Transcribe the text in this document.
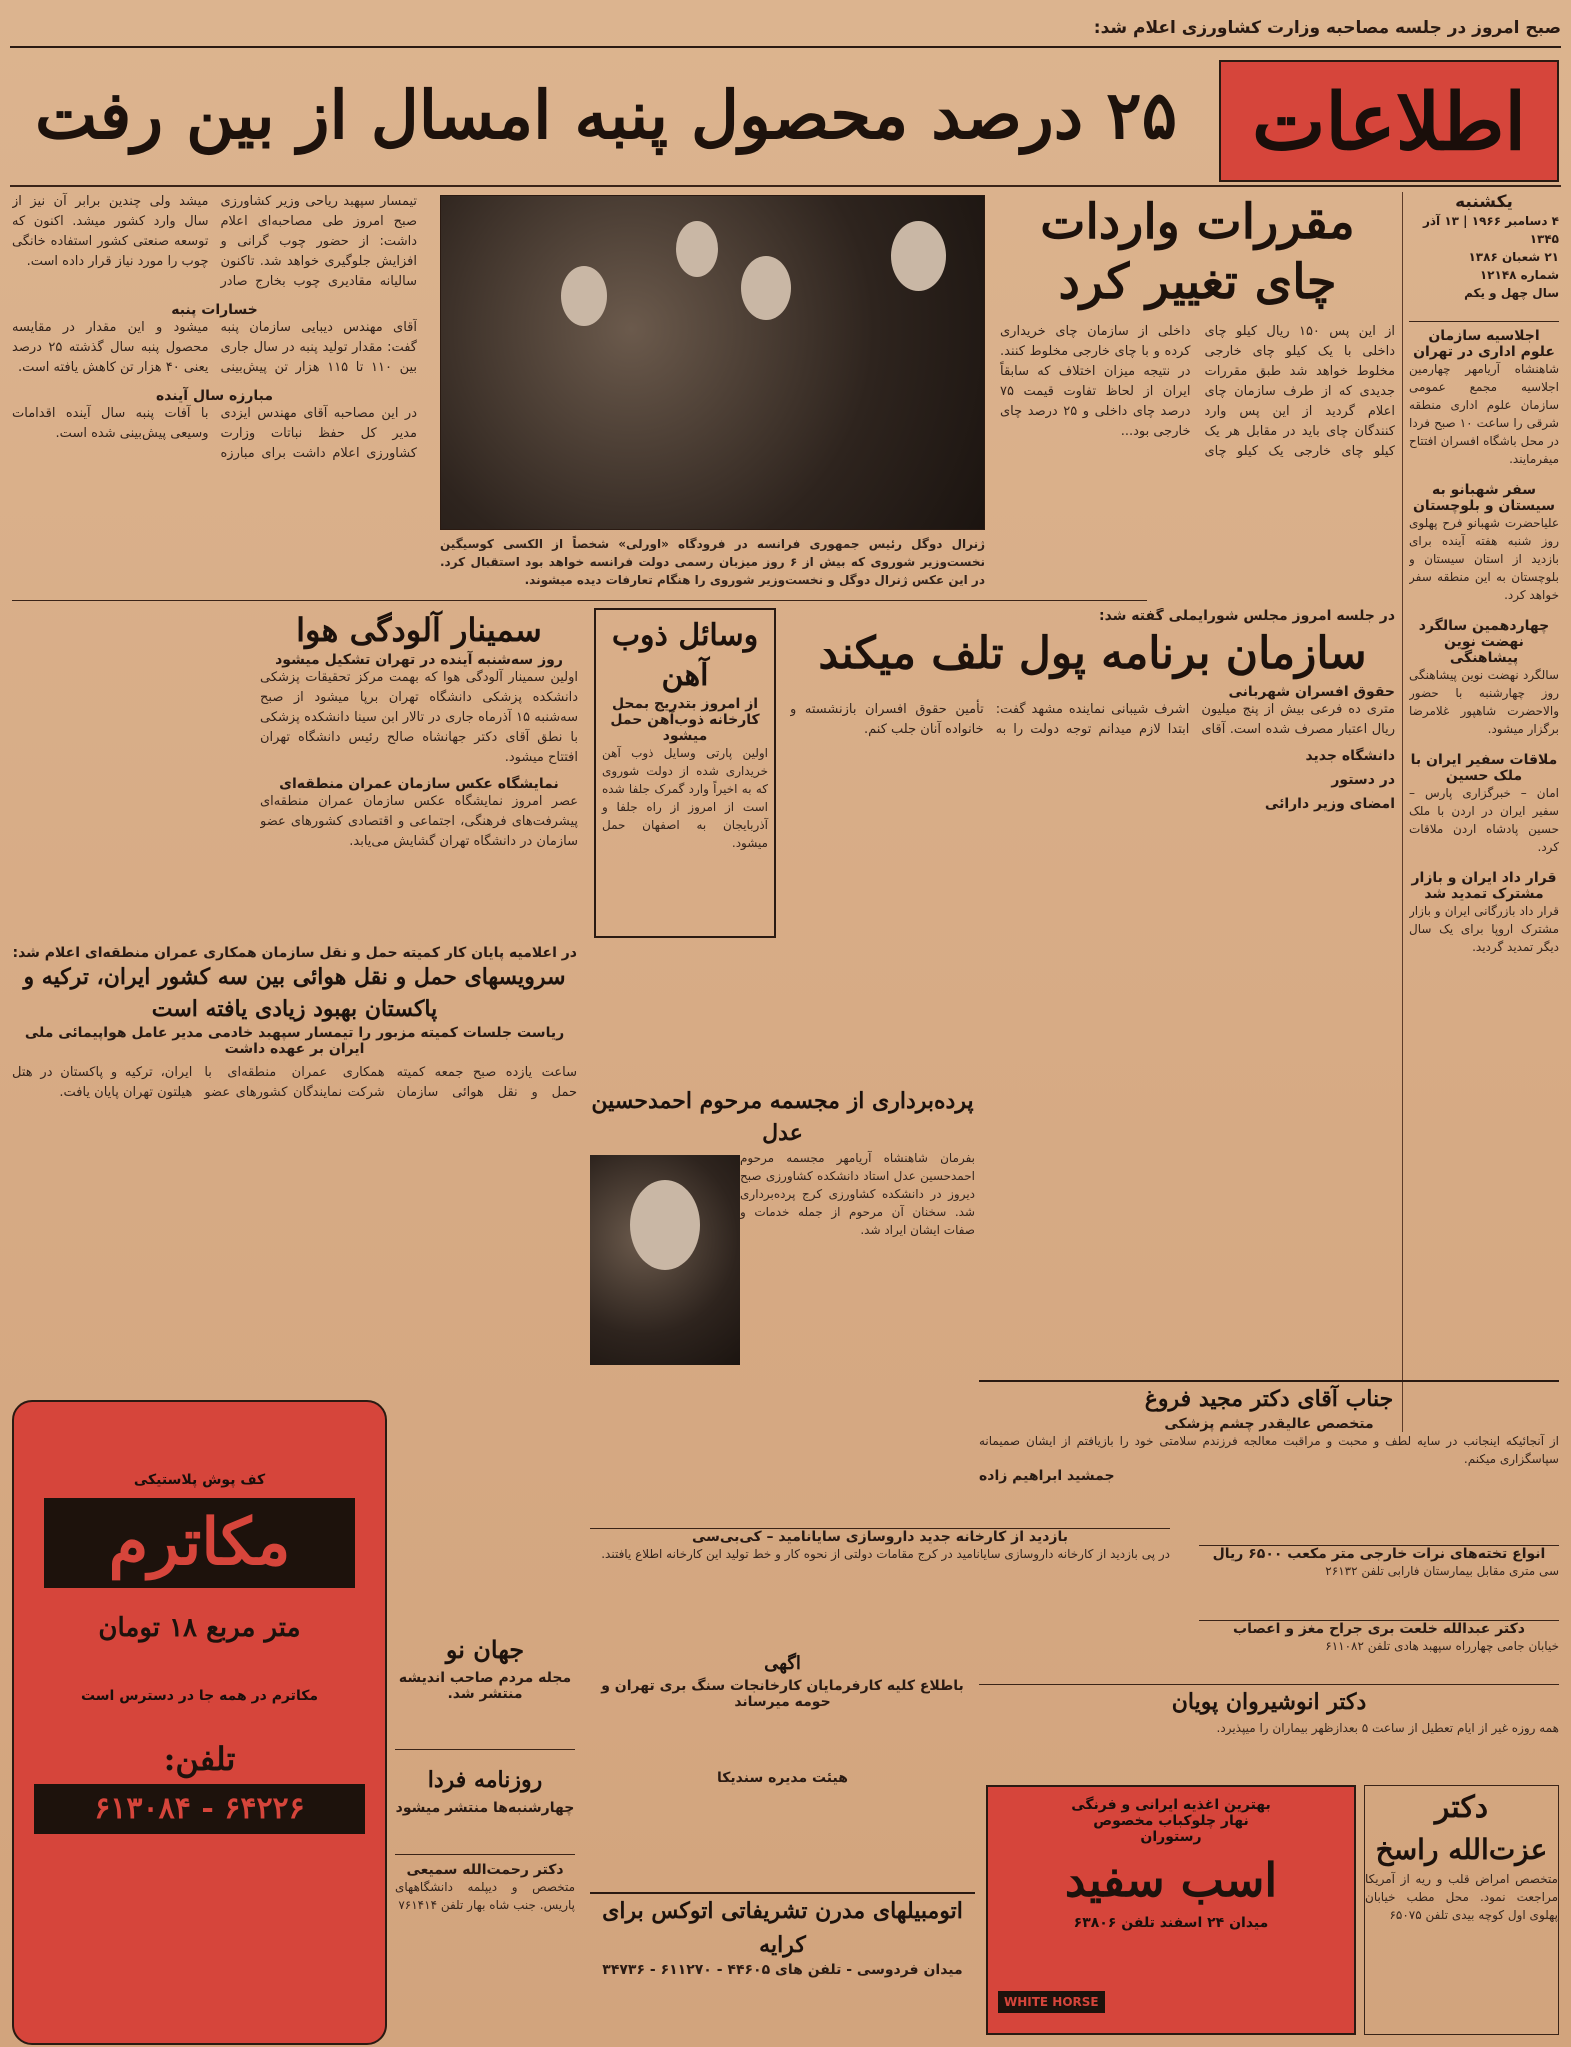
صبح امروز در جلسه مصاحبه وزارت کشاورزی اعلام شد:
اطلاعات
۲۵ درصد محصول پنبه امسال از بین رفت
یکشنبه
۴ دسامبر ۱۹۶۶ | ۱۳ آذر ۱۳۴۵
۲۱ شعبان ۱۳۸۶
شماره ۱۲۱۴۸
سال چهل و یکم
اجلاسیه سازمان علوم اداری در تهران
شاهنشاه آریامهر چهارمین اجلاسیه مجمع عمومی سازمان علوم اداری منطقه شرقی را ساعت ۱۰ صبح فردا در محل باشگاه افسران افتتاح میفرمایند.
سفر شهبانو به سیستان و بلوچستان
علیاحضرت شهبانو فرح پهلوی روز شنبه هفته آینده برای بازدید از استان سیستان و بلوچستان به این منطقه سفر خواهد کرد.
چهاردهمین سالگرد نهضت نوین پیشاهنگی
سالگرد نهضت نوین پیشاهنگی روز چهارشنبه با حضور والاحضرت شاهپور غلامرضا برگزار میشود.
ملاقات سفیر ایران با ملک حسین
امان – خبرگزاری پارس – سفیر ایران در اردن با ملک حسین پادشاه اردن ملاقات کرد.
قرار داد ایران و بازار مشترک تمدید شد
قرار داد بازرگانی ایران و بازار مشترک اروپا برای یک سال دیگر تمدید گردید.
مقررات واردات چای تغییر کرد
از این پس ۱۵۰ ریال کیلو چای داخلی با یک کیلو چای خارجی مخلوط خواهد شد طبق مقررات جدیدی که از طرف سازمان چای اعلام گردید از این پس وارد کنندگان چای باید در مقابل هر یک کیلو چای خارجی یک کیلو چای داخلی از سازمان چای خریداری کرده و با چای خارجی مخلوط کنند. در نتیجه میزان اختلاف که سابقاً ایران از لحاظ تفاوت قیمت ۷۵ درصد چای داخلی و ۲۵ درصد چای خارجی بود...
ژنرال دوگل رئیس جمهوری فرانسه در فرودگاه «اورلی» شخصاً از الکسی کوسیگین نخست‌وزیر شوروی که بیش از ۶ روز میزبان رسمی دولت فرانسه خواهد بود استقبال کرد. در این عکس ژنرال دوگل و نخست‌وزیر شوروی را هنگام تعارفات دیده میشوند.
تیمسار سپهبد ریاحی وزیر کشاورزی صبح امروز طی مصاحبه‌ای اعلام داشت: از حضور چوب گرانی و افزایش جلوگیری خواهد شد. تاکنون سالیانه مقادیری چوب بخارج صادر میشد ولی چندین برابر آن نیز از سال وارد کشور میشد. اکنون که توسعه صنعتی کشور استفاده خانگی چوب را مورد نیاز قرار داده است.
خسارات پنبه
آقای مهندس دیبایی سازمان پنبه گفت: مقدار تولید پنبه در سال جاری بین ۱۱۰ تا ۱۱۵ هزار تن پیش‌بینی میشود و این مقدار در مقایسه محصول پنبه سال گذشته ۲۵ درصد یعنی ۴۰ هزار تن کاهش یافته است.
مبارزه سال آینده
در این مصاحبه آقای مهندس ایزدی مدیر کل حفظ نباتات وزارت کشاورزی اعلام داشت برای مبارزه با آفات پنبه سال آینده اقدامات وسیعی پیش‌بینی شده است.
سمینار آلودگی هوا
روز سه‌شنبه آینده در تهران تشکیل میشود
اولین سمینار آلودگی هوا که بهمت مرکز تحقیقات پزشکی دانشکده پزشکی دانشگاه تهران برپا میشود از صبح سه‌شنبه ۱۵ آذرماه جاری در تالار ابن سینا دانشکده پزشکی با نطق آقای دکتر جهانشاه صالح رئیس دانشگاه تهران افتتاح میشود.
نمایشگاه عکس سازمان عمران منطقه‌ای
عصر امروز نمایشگاه عکس سازمان عمران منطقه‌ای پیشرفت‌های فرهنگی، اجتماعی و اقتصادی کشورهای عضو سازمان در دانشگاه تهران گشایش می‌یابد.
وسائل ذوب آهن
از امروز بتدریج بمحل کارخانه ذوب‌آهن حمل میشود
اولین پارتی وسایل ذوب آهن خریداری شده از دولت شوروی که به اخیراً وارد گمرک جلفا شده است از امروز از راه جلفا و آذربایجان به اصفهان حمل میشود.
در جلسه امروز مجلس شورایملی گفته شد:
سازمان برنامه پول تلف میکند
حقوق افسران شهربانی
متری ده فرعی بیش از پنج میلیون ریال اعتبار مصرف شده است. آقای اشرف شیبانی نماینده مشهد گفت: ابتدا لازم میدانم توجه دولت را به تأمین حقوق افسران بازنشسته و خانواده آنان جلب کنم.
دانشگاه جدید
در دستور
امضای وزیر دارائی
در اعلامیه پایان کار کمیته حمل و نقل سازمان همکاری عمران منطقه‌ای اعلام شد:
سرویسهای حمل و نقل هوائی بین سه کشور ایران، ترکیه و پاکستان بهبود زیادی یافته است
ریاست جلسات کمیته مزبور را تیمسار سپهبد خادمی مدیر عامل هواپیمائی ملی ایران بر عهده داشت
ساعت یازده صبح جمعه کمیته حمل و نقل هوائی سازمان همکاری عمران منطقه‌ای با شرکت نمایندگان کشورهای عضو ایران، ترکیه و پاکستان در هتل هیلتون تهران پایان یافت.	پرده‌برداری از مجسمه مرحوم احمدحسین عدل
بفرمان شاهنشاه آریامهر مجسمه مرحوم احمدحسین عدل استاد دانشکده کشاورزی صبح دیروز در دانشکده کشاورزی کرج پرده‌برداری شد. سخنان آن مرحوم از جمله خدمات و صفات ایشان ایراد شد.
بازدید از کارخانه جدید داروسازی سایانامید – کی‌بی‌سی
در پی بازدید از کارخانه داروسازی سایانامید در کرج مقامات دولتی از نحوه کار و خط تولید این کارخانه اطلاع یافتند.
کف پوش پلاستیکی
مکاترم
متر مربع ۱۸ تومان
مکاترم در همه جا در دسترس است
تلفن:
۶۴۲۲۶ - ۶۱۳۰۸۴
جهان نو
مجله مردم صاحب اندیشه منتشر شد.
روزنامه فردا
چهارشنبه‌ها منتشر میشود
دکتر رحمت‌الله سمیعی
متخصص و دیپلمه دانشگاههای پاریس. جنب شاه بهار تلفن ۷۶۱۴۱۴
اگهی
باطلاع کلیه کارفرمایان کارخانجات سنگ بری تهران و حومه میرساند
هیئت مدیره سندیکا
اتومبیلهای مدرن تشریفاتی اتوکس برای کرایه
میدان فردوسی - تلفن های ۴۴۶۰۵ - ۶۱۱۲۷۰ - ۳۴۷۳۶
جناب آقای دکتر مجید فروغ
متخصص عالیقدر چشم پزشکی
از آنجائیکه اینجانب در سایه لطف و محبت و مراقبت معالجه فرزندم سلامتی خود را بازیافتم از ایشان صمیمانه سپاسگزاری میکنم.
جمشید ابراهیم زاده
انواع تخته‌های نرات خارجی متر مکعب ۶۵۰۰ ریال
سی متری مقابل بیمارستان فارابی تلفن ۲۶۱۳۲
دکتر عبدالله خلعت بری جراح مغز و اعصاب
خیابان جامی چهارراه سپهبد هادی تلفن ۶۱۱۰۸۲
دکتر انوشیروان پویان
همه روزه غیر از ایام تعطیل از ساعت ۵ بعدازظهر بیماران را میپذیرد.
بهترین اغذیه ایرانی و فرنگی
نهار چلوکباب مخصوص
رستوران
اسب سفید
میدان ۲۴ اسفند تلفن ۶۳۸۰۶
WHITE HORSE
دکتر
عزت‌الله راسخ
متخصص امراض قلب و ریه از آمریکا مراجعت نمود. محل مطب خیابان پهلوی اول کوچه بیدی تلفن ۶۵۰۷۵
